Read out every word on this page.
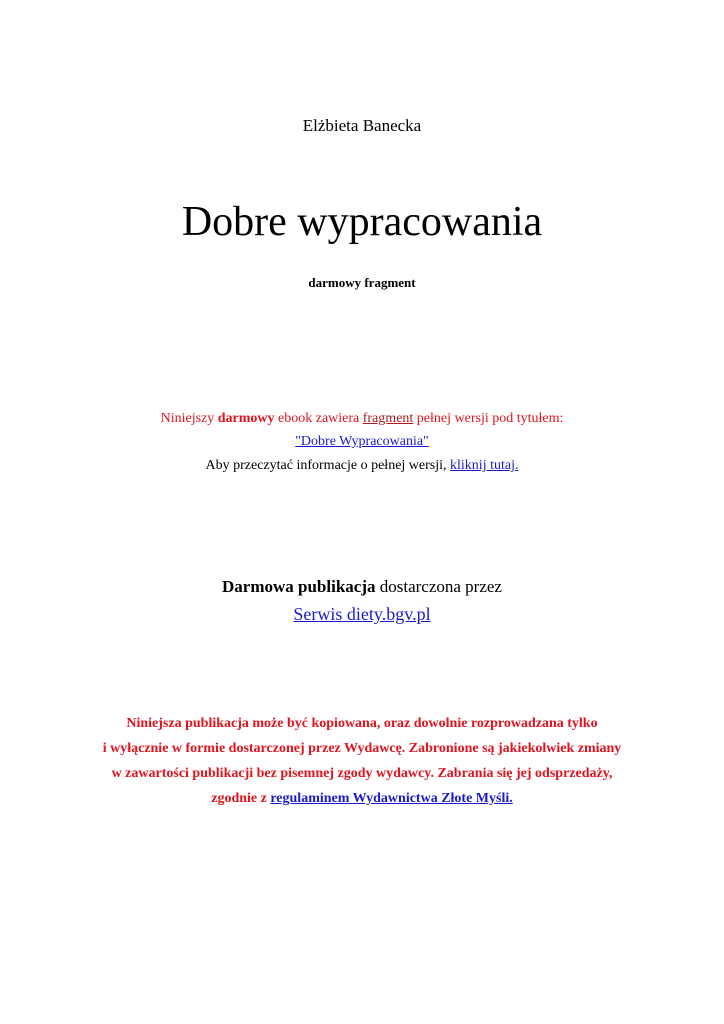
Elżbieta Banecka
Dobre wypracowania
darmowy fragment
Niniejszy darmowy ebook zawiera fragment pełnej wersji pod tytułem:
"Dobre Wypracowania"
Aby przeczytać informacje o pełnej wersji, kliknij tutaj.
Darmowa publikacja dostarczona przez
Serwis diety.bgv.pl
Niniejsza publikacja może być kopiowana, oraz dowolnie rozprowadzana tylko
i wyłącznie w formie dostarczonej przez Wydawcę. Zabronione są jakiekolwiek zmiany
w zawartości publikacji bez pisemnej zgody wydawcy. Zabrania się jej odsprzedaży,
zgodnie z regulaminem Wydawnictwa Złote Myśli.
